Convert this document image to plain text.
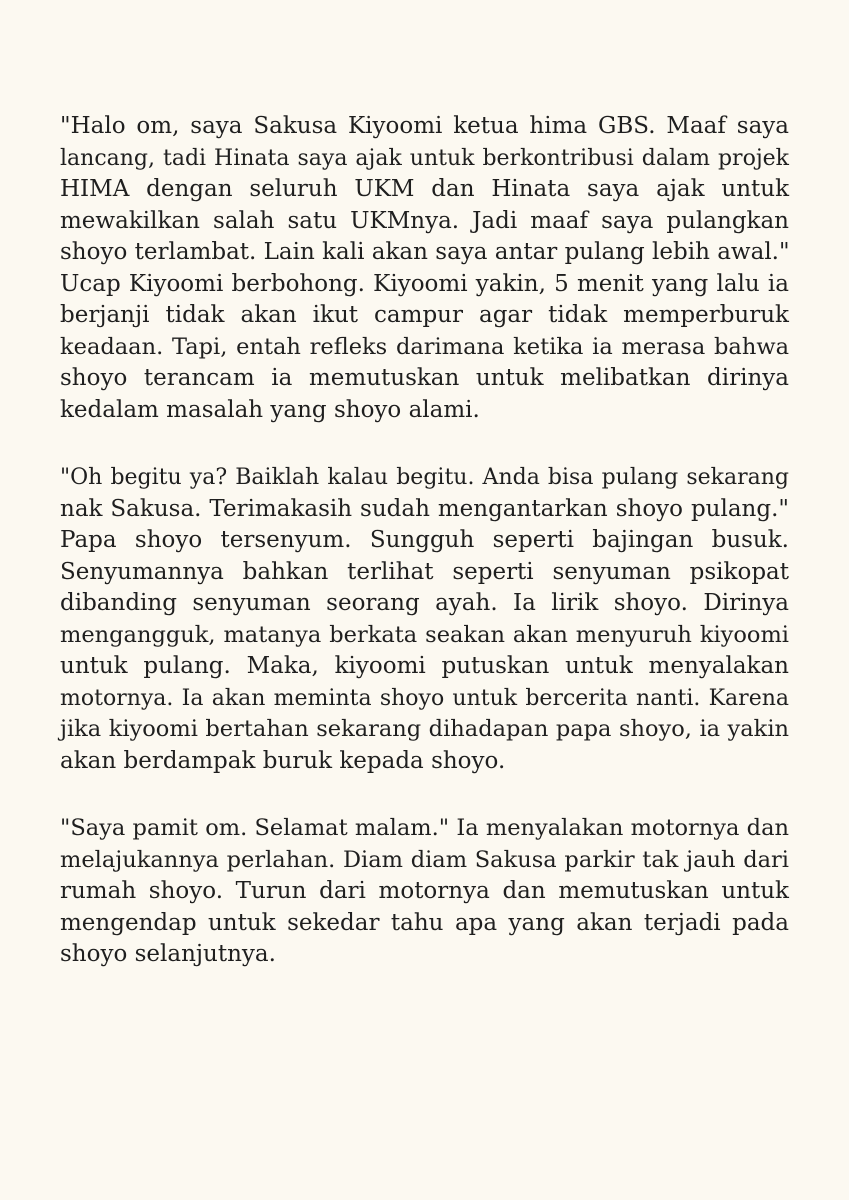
"Halo om, saya Sakusa Kiyoomi ketua hima GBS. Maaf saya
lancang, tadi Hinata saya ajak untuk berkontribusi dalam projek
HIMA dengan seluruh UKM dan Hinata saya ajak untuk
mewakilkan salah satu UKMnya. Jadi maaf saya pulangkan
shoyo terlambat. Lain kali akan saya antar pulang lebih awal."
Ucap Kiyoomi berbohong. Kiyoomi yakin, 5 menit yang lalu ia
berjanji tidak akan ikut campur agar tidak memperburuk
keadaan. Tapi, entah refleks darimana ketika ia merasa bahwa
shoyo terancam ia memutuskan untuk melibatkan dirinya
kedalam masalah yang shoyo alami.

"Oh begitu ya? Baiklah kalau begitu. Anda bisa pulang sekarang
nak Sakusa. Terimakasih sudah mengantarkan shoyo pulang."
Papa shoyo tersenyum. Sungguh seperti bajingan busuk.
Senyumannya bahkan terlihat seperti senyuman psikopat
dibanding senyuman seorang ayah. Ia lirik shoyo. Dirinya
mengangguk, matanya berkata seakan akan menyuruh kiyoomi
untuk pulang. Maka, kiyoomi putuskan untuk menyalakan
motornya. Ia akan meminta shoyo untuk bercerita nanti. Karena
jika kiyoomi bertahan sekarang dihadapan papa shoyo, ia yakin
akan berdampak buruk kepada shoyo.

"Saya pamit om. Selamat malam." Ia menyalakan motornya dan
melajukannya perlahan. Diam diam Sakusa parkir tak jauh dari
rumah shoyo. Turun dari motornya dan memutuskan untuk
mengendap untuk sekedar tahu apa yang akan terjadi pada
shoyo selanjutnya.
